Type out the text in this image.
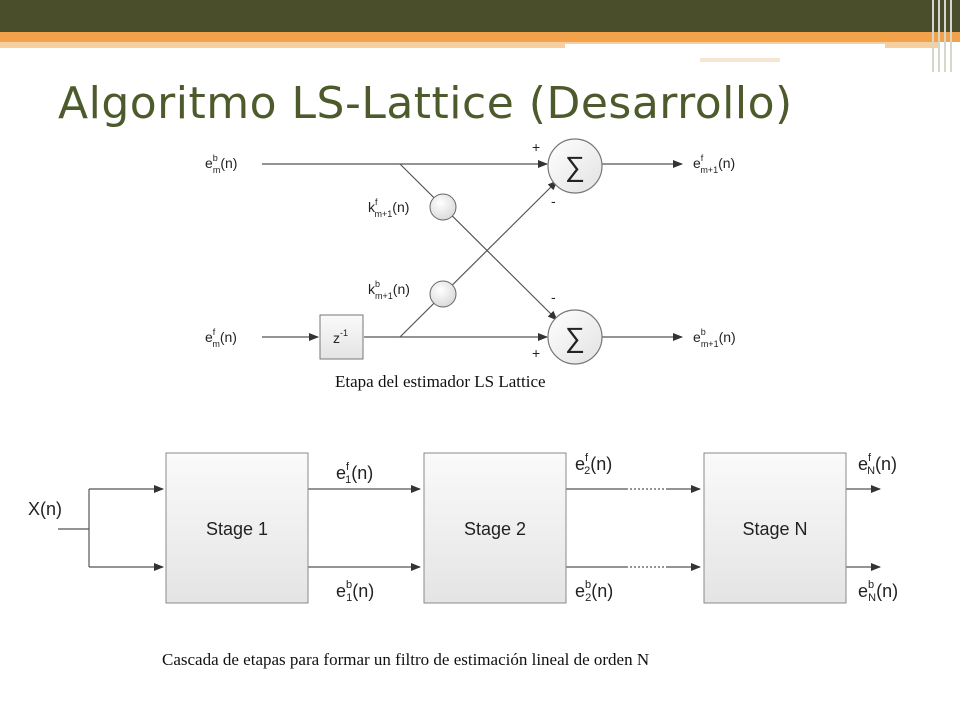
Algoritmo LS-Lattice (Desarrollo)
∑
∑
+
-
-
+
$z^{-1}$
$e^b$ m(n)
$e^f$ m(n)
$e^f$ m+1(n)
$e^b$ m+1(n)
$k^f$ m+1(n)
$k^b$ m+1(n)
Stage 1	Stage 2	Stage N
X(n)
$e^f$ 1(n)
$e^b$ 1(n)
$e^f$ 2(n)
$e^b$ 2(n)
$e^f$ N(n)
$e^b$ N(n)
Etapa del estimador LS Lattice
Cascada de etapas para formar un filtro de estimación lineal de orden N
